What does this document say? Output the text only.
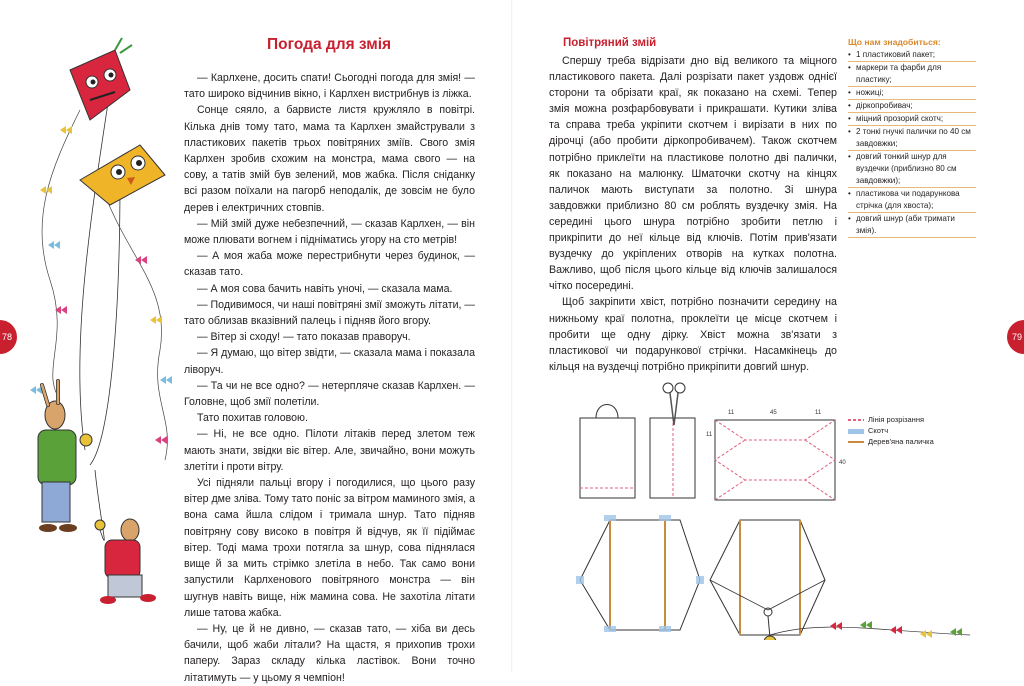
78
Погода для змія

— Карлхене, досить спати! Сьогодні погода для змія! — тато широко відчинив вікно, і Карлхен вистрибнув із ліжка.

Сонце сяяло, а барвисте листя кружляло в повітрі. Кілька днів тому тато, мама та Карлхен змайстрували з пластикових пакетів трьох повітряних зміїв. Свого змія Карлхен зробив схожим на монстра, мама свого — на сову, а татів змій був зелений, мов жабка. Після сніданку всі разом поїхали на пагорб неподалік, де зовсім не було дерев і електричних стовпів.

— Мій змій дуже небезпечний, — сказав Карлхен, — він може плювати вогнем і підніматись угору на сто метрів!

— А моя жаба може перестрибнути через будинок, — сказав тато.

— А моя сова бачить навіть уночі, — сказала мама.

— Подивимося, чи наші повітряні змії зможуть літати, — тато облизав вказівний палець і підняв його вгору.

— Вітер зі сходу! — тато показав праворуч.

— Я думаю, що вітер звідти, — сказала мама і показала ліворуч.

— Та чи не все одно? — нетерпляче сказав Карлхен. — Головне, щоб змії полетіли.

Тато похитав головою.

— Ні, не все одно. Пілоти літаків перед злетом теж мають знати, звідки віє вітер. Але, звичайно, вони можуть злетіти і проти вітру.

Усі підняли пальці вгору і погодилися, що цього разу вітер дме зліва. Тому тато поніс за вітром маминого змія, а вона сама йшла слідом і тримала шнур. Тато підняв повітряну сову високо в повітря й відчув, як її підіймає вітер. Тоді мама трохи потягла за шнур, сова піднялася вище й за мить стрімко злетіла в небо. Так само вони запустили Карлхенового повітряного монстра — він шугнув навіть вище, ніж мамина сова. Не захотіла літати лише татова жабка.

— Ну, це й не дивно, — сказав тато, — хіба ви десь бачили, щоб жаби літали? На щастя, я прихопив трохи паперу. Зараз складу кілька ластівок. Вони точно літатимуть — у цьому я чемпіон!

79
Повітряний змій

Спершу треба відрізати дно від великого та міцного пластикового пакета. Далі розрізати пакет уздовж однієї сторони та обрізати краї, як показано на схемі. Тепер змія можна розфарбовувати і прикрашати. Кутики зліва та справа треба укріпити скотчем і вирізати в них по дірочці (або пробити діркопробивачем). Також скотчем потрібно приклеїти на пластикове полотно дві палички, як показано на малюнку. Шматочки скотчу на кінцях паличок мають виступати за полотно. Зі шнура завдовжки приблизно 80 см роблять вуздечку змія. На середині цього шнура потрібно зробити петлю і прикріпити до неї кільце від ключів. Потім прив'язати вуздечку до укріплених отворів на кутках полотна. Важливо, щоб після цього кільце від ключів залишалося чітко посередині.

Щоб закріпити хвіст, потрібно позначити середину на нижньому краї полотна, проклеїти це місце скотчем і пробити ще одну дірку. Хвіст можна зв'язати з пластикової чи подарункової стрічки. Насамкінець до кільця на вуздечці потрібно прикріпити довгий шнур.

Що нам знадобиться:
• 1 пластиковий пакет;
• маркери та фарби для пластику;
• ножиці;
• діркопробивач;
• міцний прозорий скотч;
• 2 тонкі гнучкі палички по 40 см завдовжки;
• довгий тонкий шнур для вуздечки (приблизно 80 см завдовжки);
• пластикова чи подарункова стрічка (для хвоста);
• довгий шнур (аби тримати змія).
11	45	11
11
40
Лінія розрізання
Скотч
Дерев'яна паличка
